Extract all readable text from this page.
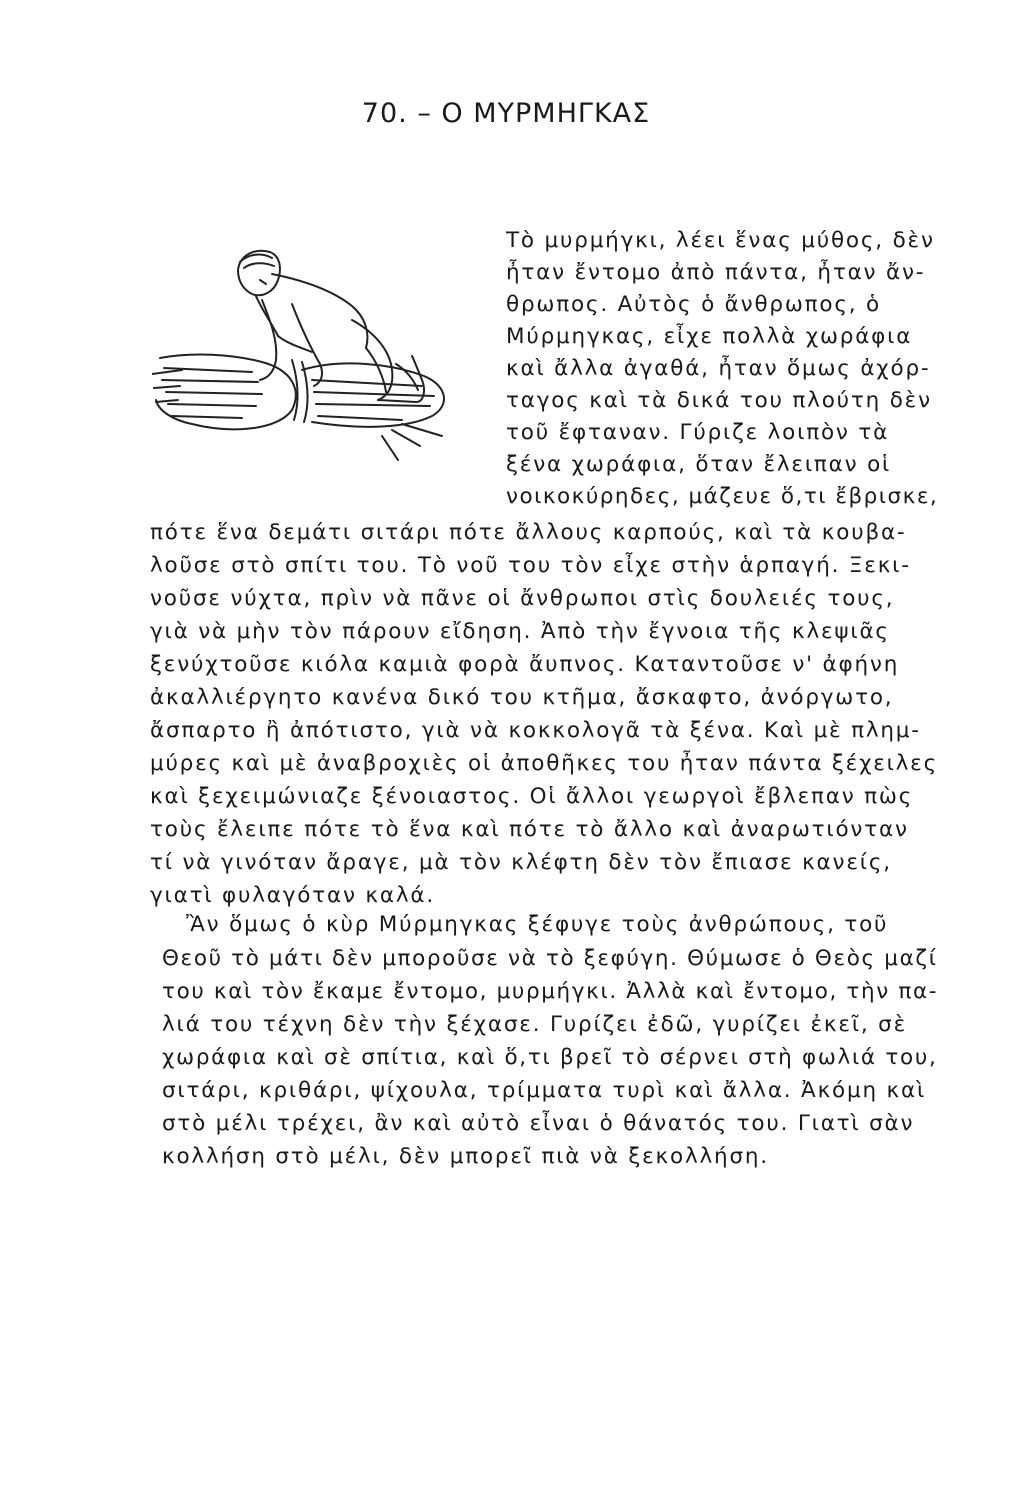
70. – Ο ΜΥΡΜΗΓΚΑΣ
Τὸ μυρμήγκι, λέει ἕνας μύθος, δὲν
ἦταν ἔντομο ἀπὸ πάντα, ἦταν ἄν-
θρωπος. Αὐτὸς ὁ ἄνθρωπος, ὁ
Μύρμηγκας, εἶχε πολλὰ χωράφια
καὶ ἄλλα ἀγαθά, ἦταν ὅμως ἀχόρ-
ταγος καὶ τὰ δικά του πλούτη δὲν
τοῦ ἔφταναν. Γύριζε λοιπὸν τὰ
ξένα χωράφια, ὅταν ἔλειπαν οἱ
νοικοκύρηδες, μάζευε ὅ,τι ἔβρισκε,
πότε ἕνα δεμάτι σιτάρι πότε ἄλλους καρπούς, καὶ τὰ κουβα-
λοῦσε στὸ σπίτι του. Τὸ νοῦ του τὸν εἶχε στὴν ἁρπαγή. Ξεκι-
νοῦσε νύχτα, πρὶν νὰ πᾶνε οἱ ἄνθρωποι στὶς δουλειές τους,
γιὰ νὰ μὴν τὸν πάρουν εἴδηση. Ἀπὸ τὴν ἔγνοια τῆς κλεψιᾶς
ξενύχτοῦσε κιόλα καμιὰ φορὰ ἄυπνος. Καταντοῦσε ν' ἀφήνη
ἀκαλλιέργητο κανένα δικό του κτῆμα, ἄσκαφτο, ἀνόργωτο,
ἄσπαρτο ἢ ἀπότιστο, γιὰ νὰ κοκκολογᾶ τὰ ξένα. Καὶ μὲ πλημ-
μύρες καὶ μὲ ἀναβροχιὲς οἱ ἀποθῆκες του ἦταν πάντα ξέχειλες
καὶ ξεχειμώνιαζε ξένοιαστος. Οἱ ἄλλοι γεωργοὶ ἔβλεπαν πὼς
τοὺς ἔλειπε πότε τὸ ἕνα καὶ πότε τὸ ἄλλο καὶ ἀναρωτιόνταν
τί νὰ γινόταν ἄραγε, μὰ τὸν κλέφτη δὲν τὸν ἔπιασε κανείς,
γιατὶ φυλαγόταν καλά.
Ἂν ὅμως ὁ κὺρ Μύρμηγκας ξέφυγε τοὺς ἀνθρώπους, τοῦ
Θεοῦ τὸ μάτι δὲν μποροῦσε νὰ τὸ ξεφύγη. Θύμωσε ὁ Θεὸς μαζί
του καὶ τὸν ἔκαμε ἔντομο, μυρμήγκι. Ἀλλὰ καὶ ἔντομο, τὴν πα-
λιά του τέχνη δὲν τὴν ξέχασε. Γυρίζει ἐδῶ, γυρίζει ἐκεῖ, σὲ
χωράφια καὶ σὲ σπίτια, καὶ ὅ,τι βρεῖ τὸ σέρνει στὴ φωλιά του,
σιτάρι, κριθάρι, ψίχουλα, τρίμματα τυρὶ καὶ ἄλλα. Ἀκόμη καὶ
στὸ μέλι τρέχει, ἂν καὶ αὐτὸ εἶναι ὁ θάνατός του. Γιατὶ σὰν
κολλήση στὸ μέλι, δὲν μπορεῖ πιὰ νὰ ξεκολλήση.
